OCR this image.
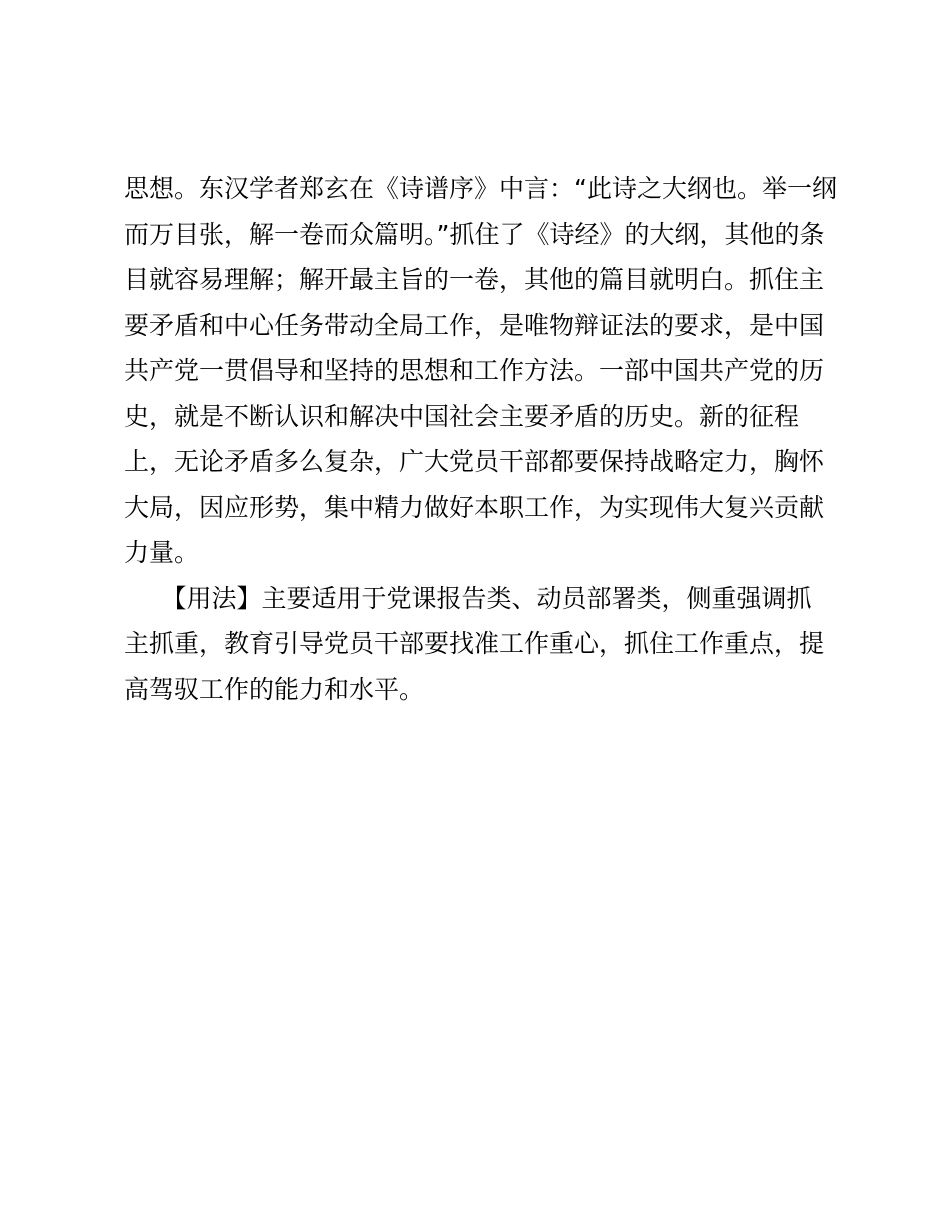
思想。东汉学者郑玄在《诗谱序》中言：“此诗之大纲也。举一纲
而万目张，解一卷而众篇明。”抓住了《诗经》的大纲，其他的条
目就容易理解；解开最主旨的一卷，其他的篇目就明白。抓住主
要矛盾和中心任务带动全局工作，是唯物辩证法的要求，是中国
共产党一贯倡导和坚持的思想和工作方法。一部中国共产党的历
史，就是不断认识和解决中国社会主要矛盾的历史。新的征程
上，无论矛盾多么复杂，广大党员干部都要保持战略定力，胸怀
大局，因应形势，集中精力做好本职工作，为实现伟大复兴贡献
力量。
　　【用法】主要适用于党课报告类、动员部署类，侧重强调抓
主抓重，教育引导党员干部要找准工作重心，抓住工作重点，提
高驾驭工作的能力和水平。
